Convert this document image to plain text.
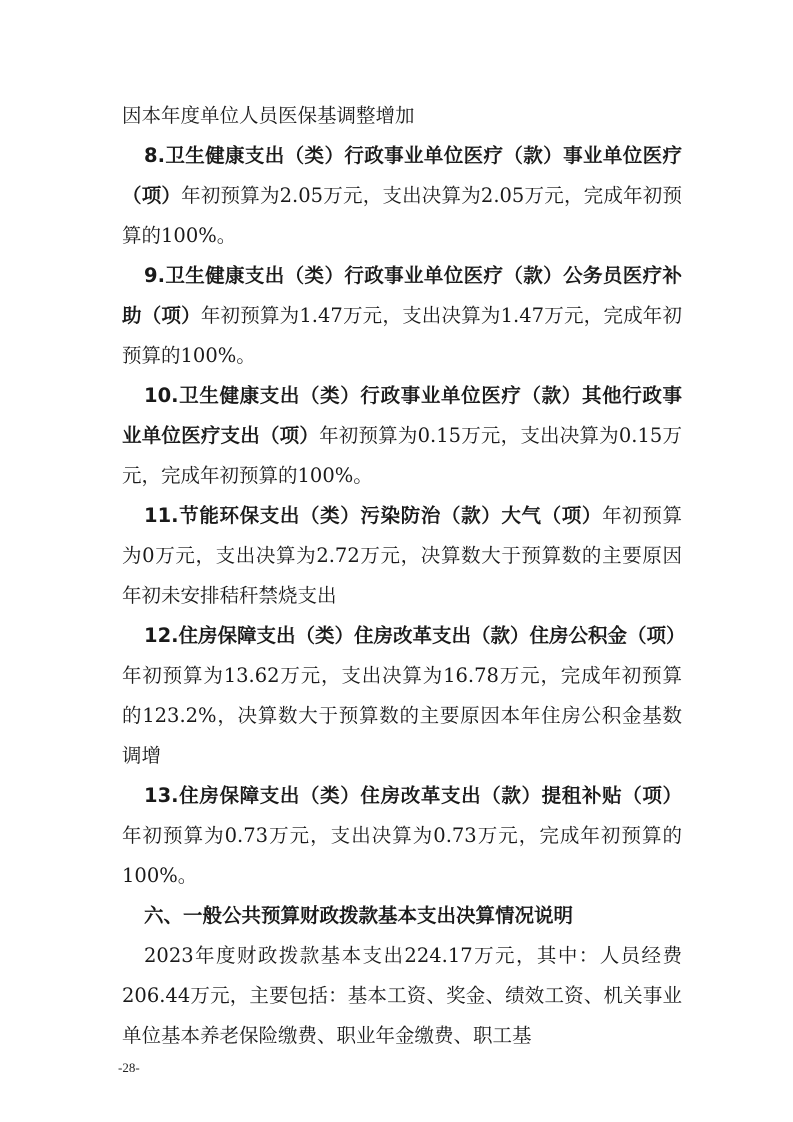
因本年度单位人员医保基调整增加

8.卫生健康支出（类）行政事业单位医疗（款）事业单位医疗（项）年初预算为2.05万元，支出决算为2.05万元，完成年初预算的100%。

9.卫生健康支出（类）行政事业单位医疗（款）公务员医疗补助（项）年初预算为1.47万元，支出决算为1.47万元，完成年初预算的100%。

10.卫生健康支出（类）行政事业单位医疗（款）其他行政事业单位医疗支出（项）年初预算为0.15万元，支出决算为0.15万元，完成年初预算的100%。

11.节能环保支出（类）污染防治（款）大气（项）年初预算为0万元，支出决算为2.72万元，决算数大于预算数的主要原因年初未安排秸秆禁烧支出

12.住房保障支出（类）住房改革支出（款）住房公积金（项）年初预算为13.62万元，支出决算为16.78万元，完成年初预算的123.2%，决算数大于预算数的主要原因本年住房公积金基数调增

13.住房保障支出（类）住房改革支出（款）提租补贴（项）年初预算为0.73万元，支出决算为0.73万元，完成年初预算的100%。

六、一般公共预算财政拨款基本支出决算情况说明

2023年度财政拨款基本支出224.17万元，其中：人员经费206.44万元，主要包括：基本工资、奖金、绩效工资、机关事业单位基本养老保险缴费、职业年金缴费、职工基

-28-
